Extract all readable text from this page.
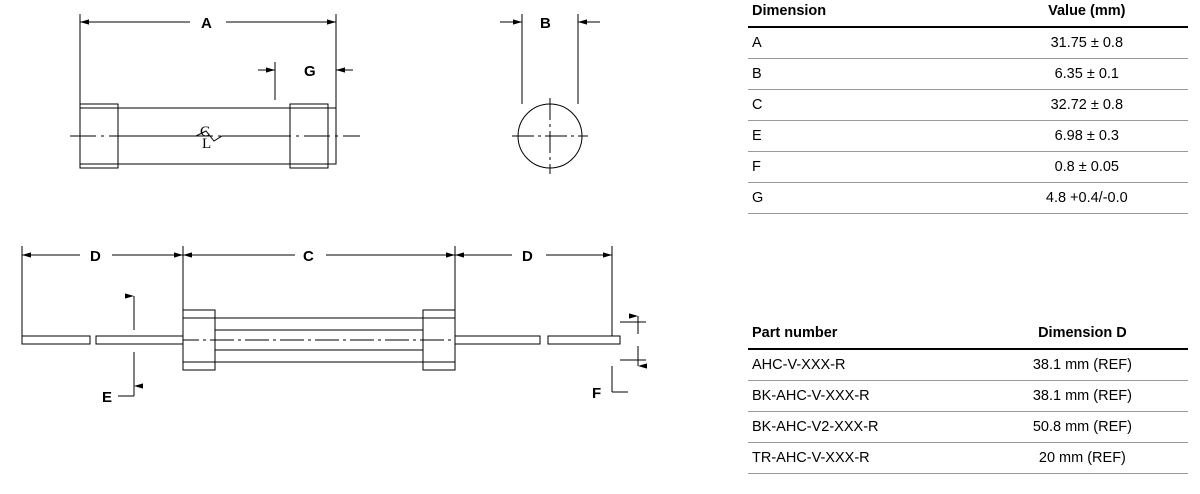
A	B
G
C
L
D	C	D
E	F
Dimension	Value (mm)
A	31.75 ± 0.8
B	6.35 ± 0.1
C	32.72 ± 0.8
E	6.98 ± 0.3
F	0.8 ± 0.05
G	4.8 +0.4/-0.0
Part number	Dimension D
AHC-V-XXX-R	38.1 mm (REF)
BK-AHC-V-XXX-R	38.1 mm (REF)
BK-AHC-V2-XXX-R	50.8 mm (REF)
TR-AHC-V-XXX-R	20 mm (REF)
